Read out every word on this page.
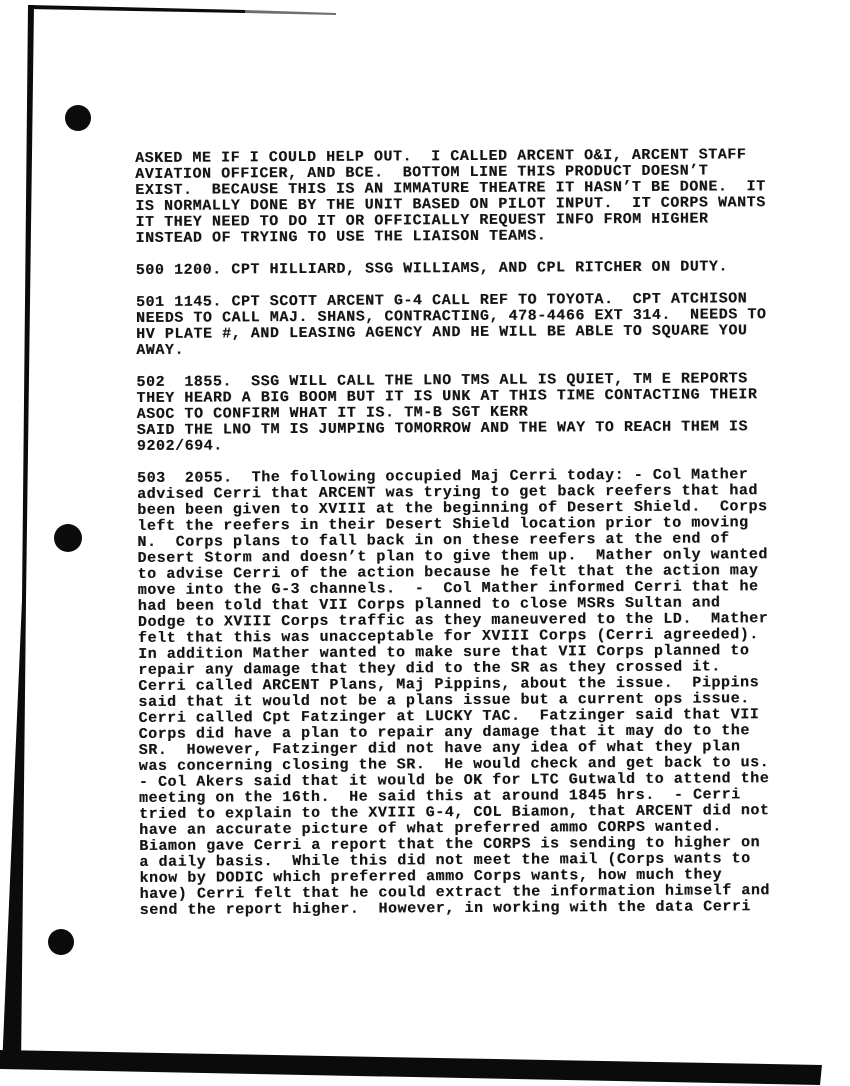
ASKED ME IF I COULD HELP OUT.  I CALLED ARCENT O&I, ARCENT STAFF
AVIATION OFFICER, AND BCE.  BOTTOM LINE THIS PRODUCT DOESN’T
EXIST.  BECAUSE THIS IS AN IMMATURE THEATRE IT HASN’T BE DONE.  IT
IS NORMALLY DONE BY THE UNIT BASED ON PILOT INPUT.  IT CORPS WANTS
IT THEY NEED TO DO IT OR OFFICIALLY REQUEST INFO FROM HIGHER
INSTEAD OF TRYING TO USE THE LIAISON TEAMS.
500 1200. CPT HILLIARD, SSG WILLIAMS, AND CPL RITCHER ON DUTY.
501 1145. CPT SCOTT ARCENT G-4 CALL REF TO TOYOTA.  CPT ATCHISON
NEEDS TO CALL MAJ. SHANS, CONTRACTING, 478-4466 EXT 314.  NEEDS TO
HV PLATE #, AND LEASING AGENCY AND HE WILL BE ABLE TO SQUARE YOU
AWAY.
502  1855.  SSG WILL CALL THE LNO TMS ALL IS QUIET, TM E REPORTS
THEY HEARD A BIG BOOM BUT IT IS UNK AT THIS TIME CONTACTING THEIR
ASOC TO CONFIRM WHAT IT IS. TM-B SGT KERR
SAID THE LNO TM IS JUMPING TOMORROW AND THE WAY TO REACH THEM IS
9202/694.
503  2055.  The following occupied Maj Cerri today: - Col Mather
advised Cerri that ARCENT was trying to get back reefers that had
been been given to XVIII at the beginning of Desert Shield.  Corps
left the reefers in their Desert Shield location prior to moving
N.  Corps plans to fall back in on these reefers at the end of
Desert Storm and doesn’t plan to give them up.  Mather only wanted
to advise Cerri of the action because he felt that the action may
move into the G-3 channels.  -  Col Mather informed Cerri that he
had been told that VII Corps planned to close MSRs Sultan and
Dodge to XVIII Corps traffic as they maneuvered to the LD.  Mather
felt that this was unacceptable for XVIII Corps (Cerri agreeded).
In addition Mather wanted to make sure that VII Corps planned to
repair any damage that they did to the SR as they crossed it.
Cerri called ARCENT Plans, Maj Pippins, about the issue.  Pippins
said that it would not be a plans issue but a current ops issue.
Cerri called Cpt Fatzinger at LUCKY TAC.  Fatzinger said that VII
Corps did have a plan to repair any damage that it may do to the
SR.  However, Fatzinger did not have any idea of what they plan
was concerning closing the SR.  He would check and get back to us.
- Col Akers said that it would be OK for LTC Gutwald to attend the
meeting on the 16th.  He said this at around 1845 hrs.  - Cerri
tried to explain to the XVIII G-4, COL Biamon, that ARCENT did not
have an accurate picture of what preferred ammo CORPS wanted.
Biamon gave Cerri a report that the CORPS is sending to higher on
a daily basis.  While this did not meet the mail (Corps wants to
know by DODIC which preferred ammo Corps wants, how much they
have) Cerri felt that he could extract the information himself and
send the report higher.  However, in working with the data Cerri
